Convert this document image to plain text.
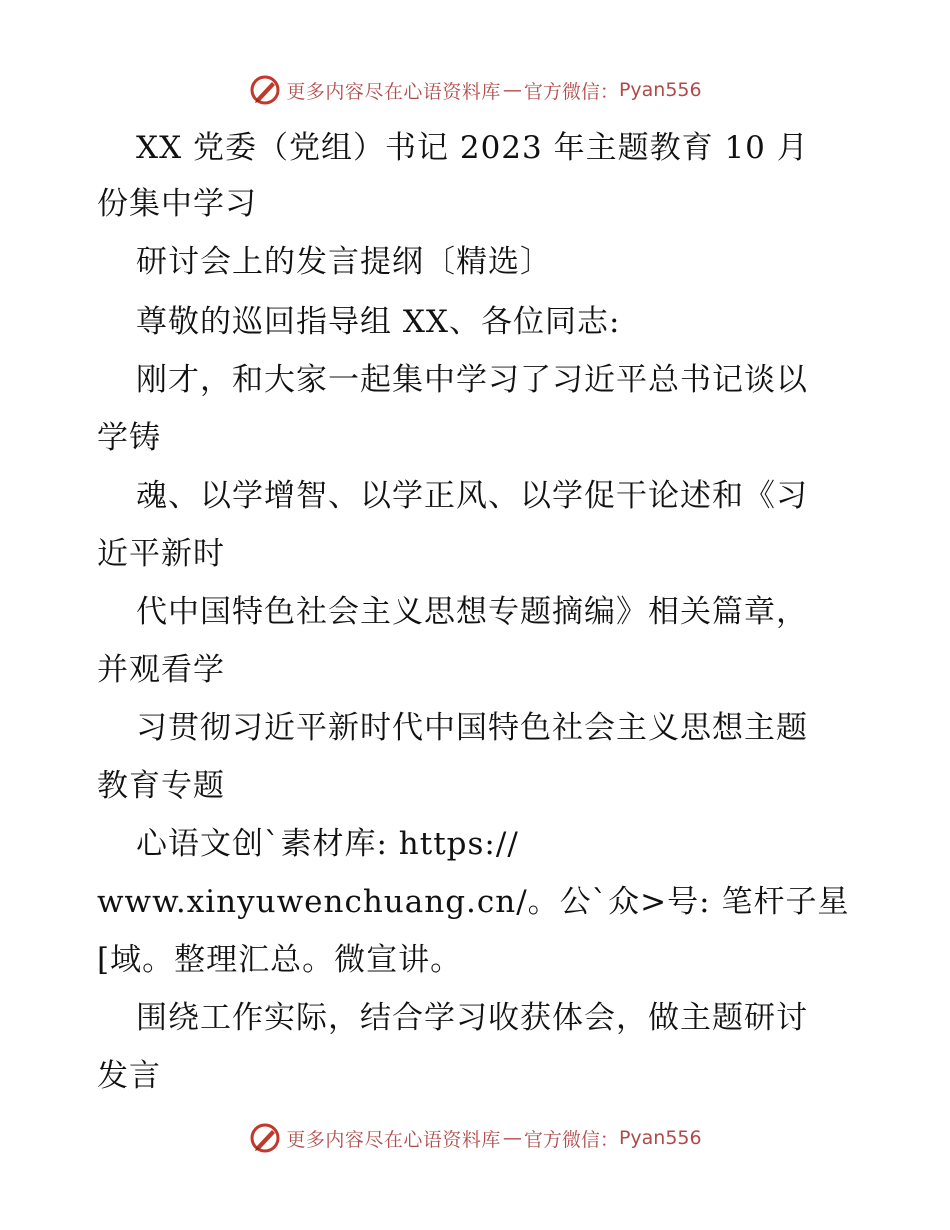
更多内容尽在心语资料库 — 官方微信： Pyan556
XX 党委（党组）书记 2023 年主题教育 10 月
份集中学习
研讨会上的发言提纲〔精选〕
尊敬的巡回指导组 XX、各位同志:
刚才，和大家一起集中学习了习近平总书记谈以
学铸
魂、以学增智、以学正风、以学促干论述和《习
近平新时
代中国特色社会主义思想专题摘编》相关篇章，
并观看学
习贯彻习近平新时代中国特色社会主义思想主题
教育专题
心语文创`素材库: https://
www.xinyuwenchuang.cn/。公`众>号: 笔杆子星
[域。整理汇总。微宣讲。
围绕工作实际，结合学习收获体会，做主题研讨
发言
更多内容尽在心语资料库 — 官方微信： Pyan556
